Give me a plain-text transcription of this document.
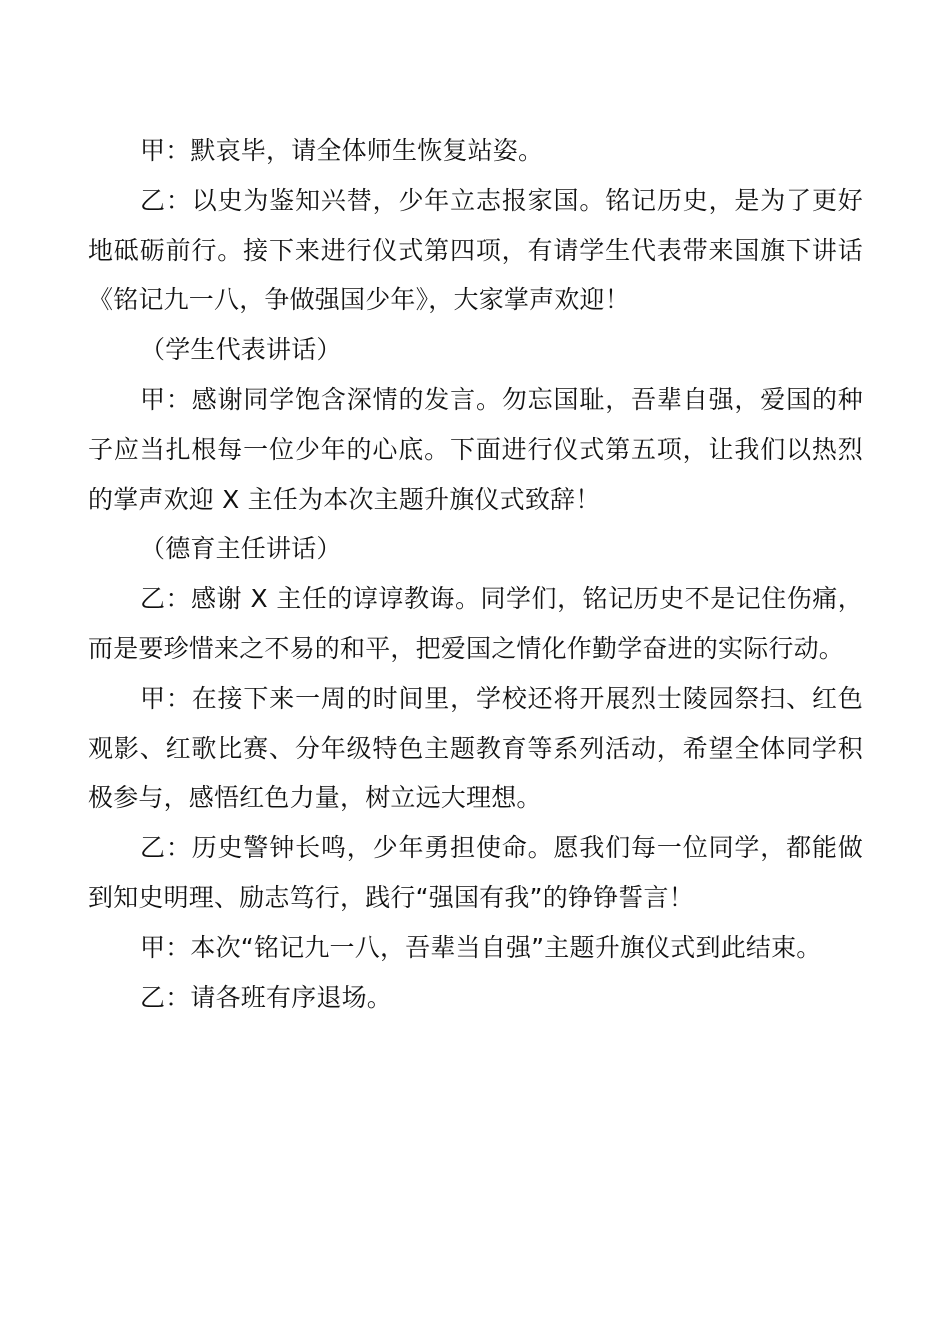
甲：默哀毕，请全体师生恢复站姿。

乙：以史为鉴知兴替，少年立志报家国。铭记历史，是为了更好地砥砺前行。接下来进行仪式第四项，有请学生代表带来国旗下讲话《铭记九一八，争做强国少年》，大家掌声欢迎！

（学生代表讲话）

甲：感谢同学饱含深情的发言。勿忘国耻，吾辈自强，爱国的种子应当扎根每一位少年的心底。下面进行仪式第五项，让我们以热烈的掌声欢迎 X 主任为本次主题升旗仪式致辞！

（德育主任讲话）

乙：感谢 X 主任的谆谆教诲。同学们，铭记历史不是记住伤痛，而是要珍惜来之不易的和平，把爱国之情化作勤学奋进的实际行动。

甲：在接下来一周的时间里，学校还将开展烈士陵园祭扫、红色观影、红歌比赛、分年级特色主题教育等系列活动，希望全体同学积极参与，感悟红色力量，树立远大理想。

乙：历史警钟长鸣，少年勇担使命。愿我们每一位同学，都能做到知史明理、励志笃行，践行“强国有我”的铮铮誓言！

甲：本次“铭记九一八，吾辈当自强”主题升旗仪式到此结束。

乙：请各班有序退场。
